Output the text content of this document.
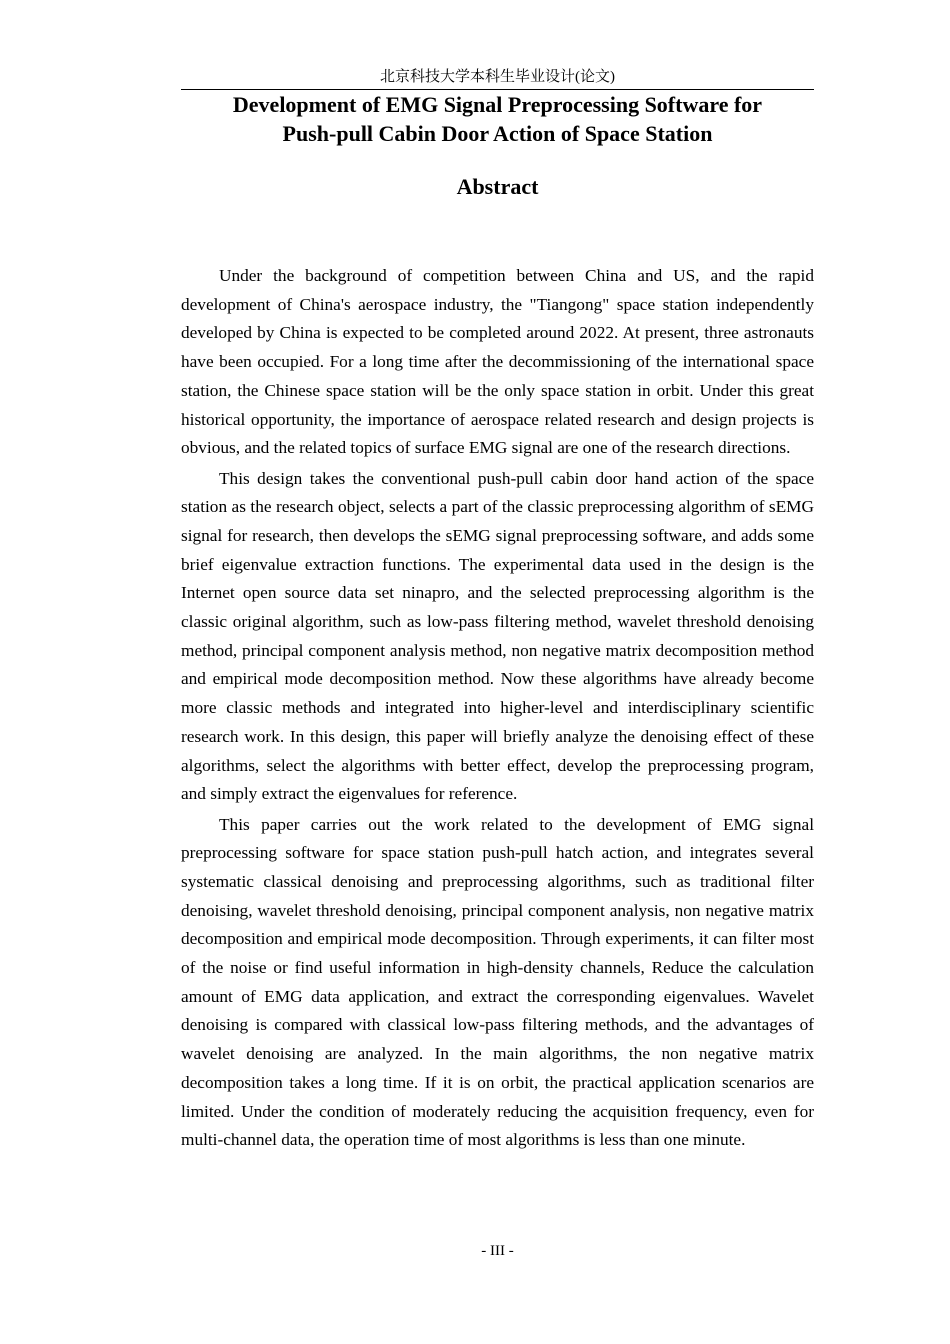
北京科技大学本科生毕业设计(论文)
Development of EMG Signal Preprocessing Software for
Push-pull Cabin Door Action of Space Station
Abstract

Under the background of competition between China and US, and the rapid development of China's aerospace industry, the "Tiangong" space station independently developed by China is expected to be completed around 2022. At present, three astronauts have been occupied. For a long time after the decommissioning of the international space station, the Chinese space station will be the only space station in orbit. Under this great historical opportunity, the importance of aerospace related research and design projects is obvious, and the related topics of surface EMG signal are one of the research directions.

This design takes the conventional push-pull cabin door hand action of the space station as the research object, selects a part of the classic preprocessing algorithm of sEMG signal for research, then develops the sEMG signal preprocessing software, and adds some brief eigenvalue extraction functions. The experimental data used in the design is the Internet open source data set ninapro, and the selected preprocessing algorithm is the classic original algorithm, such as low-pass filtering method, wavelet threshold denoising method, principal component analysis method, non negative matrix decomposition method and empirical mode decomposition method. Now these algorithms have already become more classic methods and integrated into higher-level and interdisciplinary scientific research work. In this design, this paper will briefly analyze the denoising effect of these algorithms, select the algorithms with better effect, develop the preprocessing program, and simply extract the eigenvalues for reference.

This paper carries out the work related to the development of EMG signal preprocessing software for space station push-pull hatch action, and integrates several systematic classical denoising and preprocessing algorithms, such as traditional filter denoising, wavelet threshold denoising, principal component analysis, non negative matrix decomposition and empirical mode decomposition. Through experiments, it can filter most of the noise or find useful information in high-density channels, Reduce the calculation amount of EMG data application, and extract the corresponding eigenvalues. Wavelet denoising is compared with classical low-pass filtering methods, and the advantages of wavelet denoising are analyzed. In the main algorithms, the non negative matrix decomposition takes a long time. If it is on orbit, the practical application scenarios are limited. Under the condition of moderately reducing the acquisition frequency, even for multi-channel data, the operation time of most algorithms is less than one minute.

- III -
